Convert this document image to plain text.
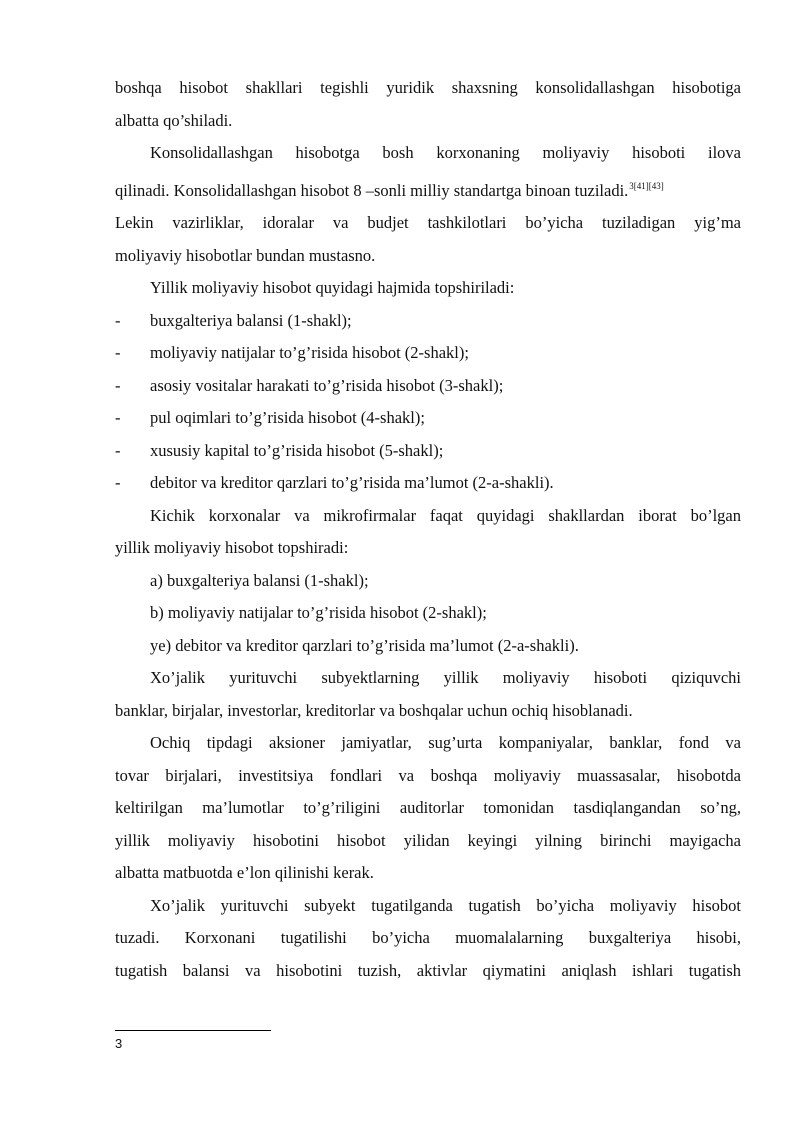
boshqa hisobot shakllari tegishli yuridik shaxsning konsolidallashgan hisobotiga
albatta qo’shiladi.
Konsolidallashgan hisobotga bosh korxonaning moliyaviy hisoboti ilova
qilinadi. Konsolidallashgan hisobot 8 –sonli milliy standartga binoan tuziladi.$^{3[41][43]}$
Lekin vazirliklar, idoralar va budjet tashkilotlari bo’yicha tuziladigan yig’ma
moliyaviy hisobotlar bundan mustasno.
Yillik moliyaviy hisobot quyidagi hajmida topshiriladi:
- buxgalteriya balansi (1-shakl);
- moliyaviy natijalar to’g’risida hisobot (2-shakl);
- asosiy vositalar harakati to’g’risida hisobot (3-shakl);
- pul oqimlari to’g’risida hisobot (4-shakl);
- xususiy kapital to’g’risida hisobot (5-shakl);
- debitor va kreditor qarzlari to’g’risida ma’lumot (2-a-shakli).
Kichik korxonalar va mikrofirmalar faqat quyidagi shakllardan iborat bo’lgan
yillik moliyaviy hisobot topshiradi:
a) buxgalteriya balansi (1-shakl);
b) moliyaviy natijalar to’g’risida hisobot (2-shakl);
ye) debitor va kreditor qarzlari to’g’risida ma’lumot (2-a-shakli).
Xo’jalik yurituvchi subyektlarning yillik moliyaviy hisoboti qiziquvchi
banklar, birjalar, investorlar, kreditorlar va boshqalar uchun ochiq hisoblanadi.
Ochiq tipdagi aksioner jamiyatlar, sug’urta kompaniyalar, banklar, fond va
tovar birjalari, investitsiya fondlari va boshqa moliyaviy muassasalar, hisobotda
keltirilgan ma’lumotlar to’g’riligini auditorlar tomonidan tasdiqlangandan so’ng,
yillik moliyaviy hisobotini hisobot yilidan keyingi yilning birinchi mayigacha
albatta matbuotda e’lon qilinishi kerak.
Xo’jalik yurituvchi subyekt tugatilganda tugatish bo’yicha moliyaviy hisobot
tuzadi. Korxonani tugatilishi bo’yicha muomalalarning buxgalteriya hisobi,
tugatish balansi va hisobotini tuzish, aktivlar qiymatini aniqlash ishlari tugatish
3
